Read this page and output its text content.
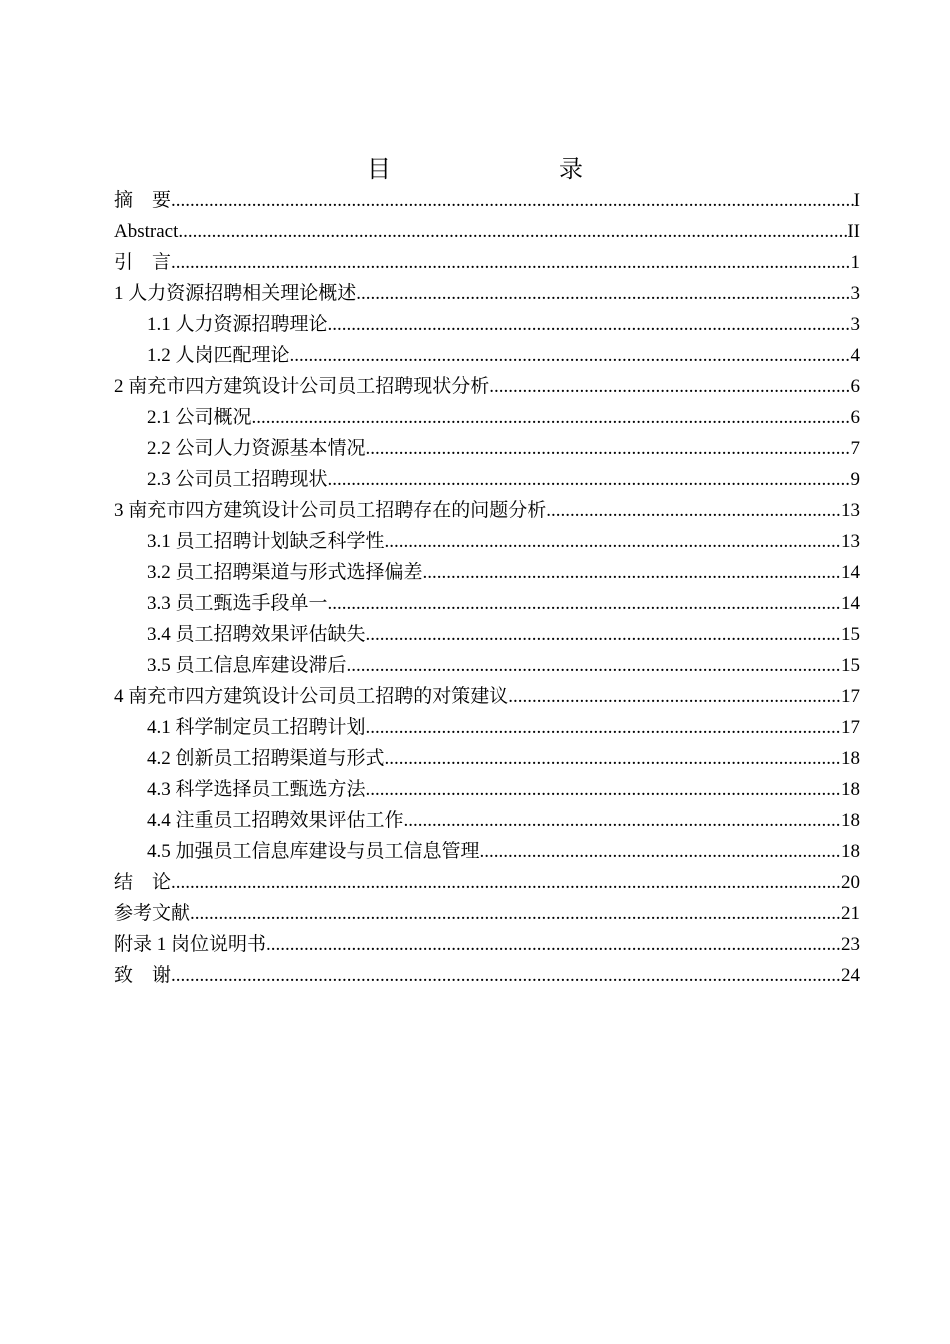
目　　录
摘　要 .....	I
Abstract .....	II
引　言 .....	1
1 人力资源招聘相关理论概述 .....	3
1.1 人力资源招聘理论 .....	3
1.2 人岗匹配理论 .....	4
2 南充市四方建筑设计公司员工招聘现状分析 .....	6
2.1 公司概况 .....	6
2.2 公司人力资源基本情况 .....	7
2.3 公司员工招聘现状 .....	9
3 南充市四方建筑设计公司员工招聘存在的问题分析 .....	13
3.1 员工招聘计划缺乏科学性 .....	13
3.2 员工招聘渠道与形式选择偏差 .....	14
3.3 员工甄选手段单一 .....	14
3.4 员工招聘效果评估缺失 .....	15
3.5 员工信息库建设滞后 .....	15
4 南充市四方建筑设计公司员工招聘的对策建议 .....	17
4.1 科学制定员工招聘计划 .....	17
4.2 创新员工招聘渠道与形式 .....	18
4.3 科学选择员工甄选方法 .....	18
4.4 注重员工招聘效果评估工作 .....	18
4.5 加强员工信息库建设与员工信息管理 .....	18
结　论 .....	20
参考文献 .....	21
附录 1 岗位说明书 .....	23
致　谢 .....	24
